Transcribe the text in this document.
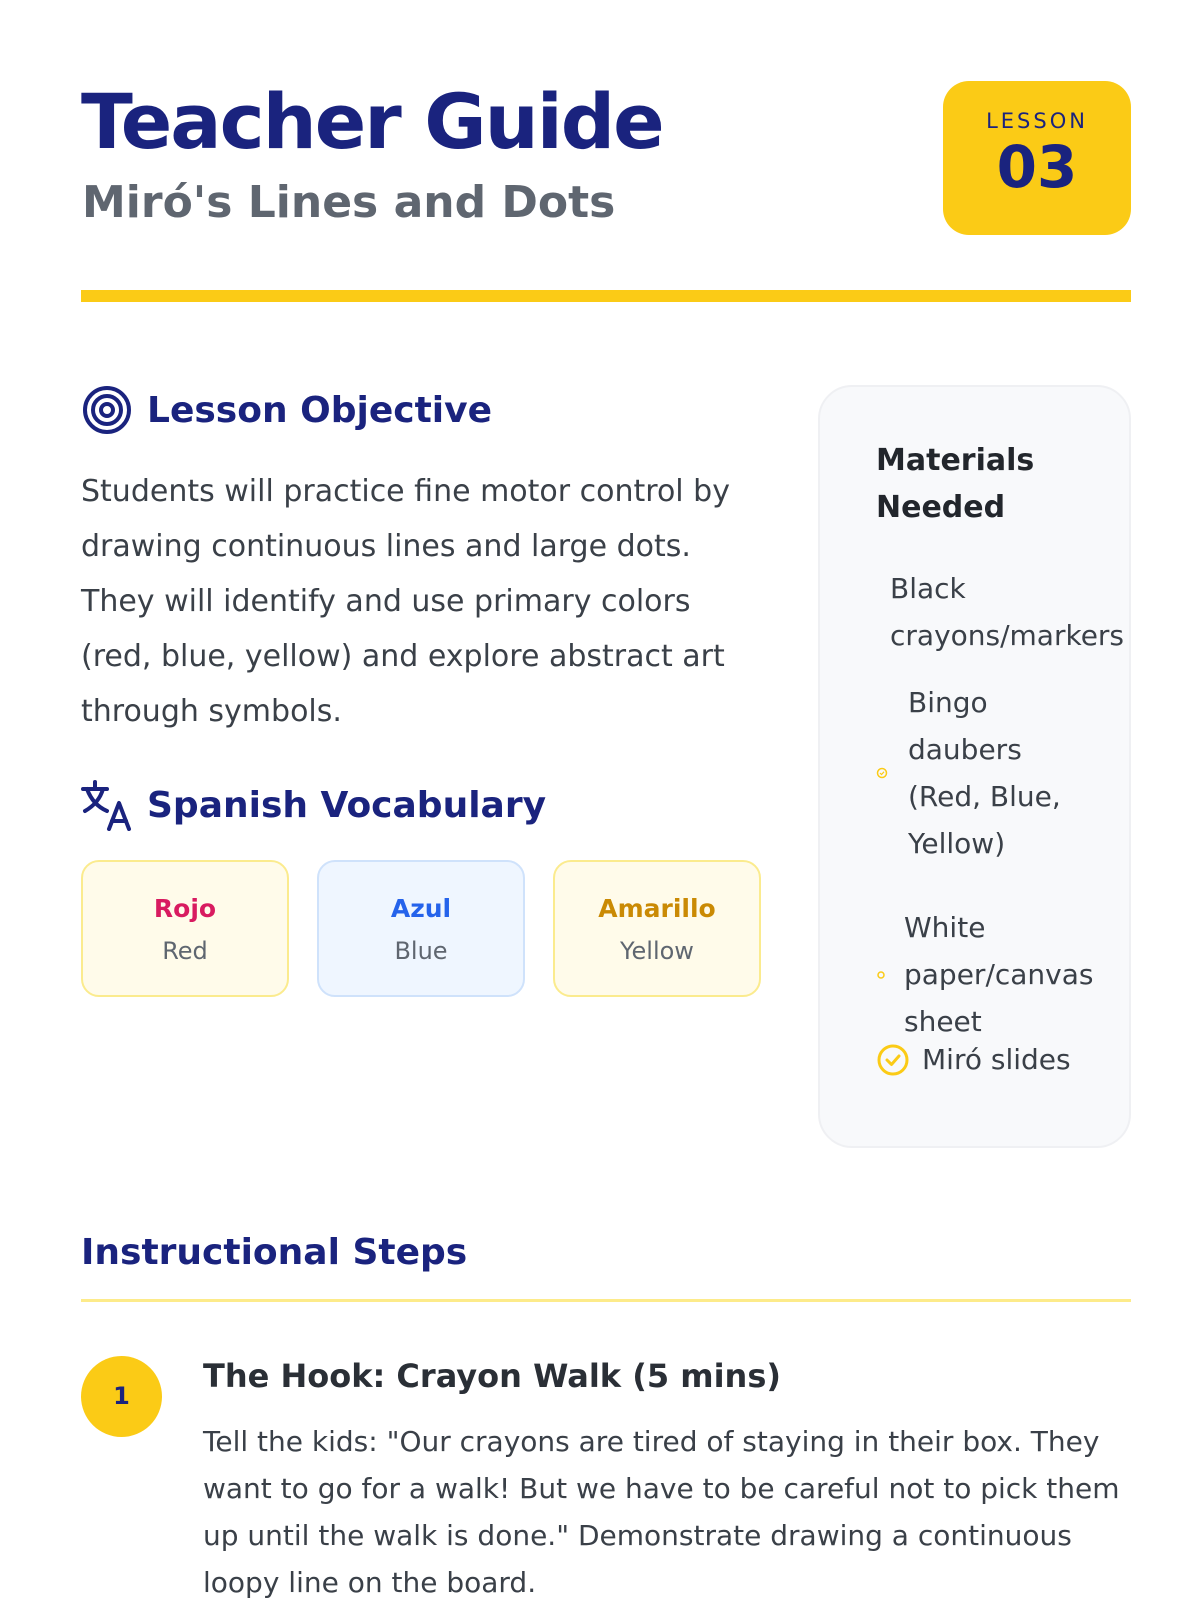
Teacher Guide
Miró's Lines and Dots
LESSON
03
Lesson Objective
Students will practice fine motor control by drawing continuous lines and large dots. They will identify and use primary colors (red, blue, yellow) and explore abstract art through symbols.
Spanish Vocabulary
Rojo
Red
Azul
Blue
Amarillo
Yellow
Materials Needed
Black crayons/markers
Bingo daubers (Red, Blue, Yellow)
White paper/canvas sheet
Miró slides
Instructional Steps
1
The Hook: Crayon Walk (5 mins)
Tell the kids: "Our crayons are tired of staying in their box. They want to go for a walk! But we have to be careful not to pick them up until the walk is done." Demonstrate drawing a continuous loopy line on the board.
